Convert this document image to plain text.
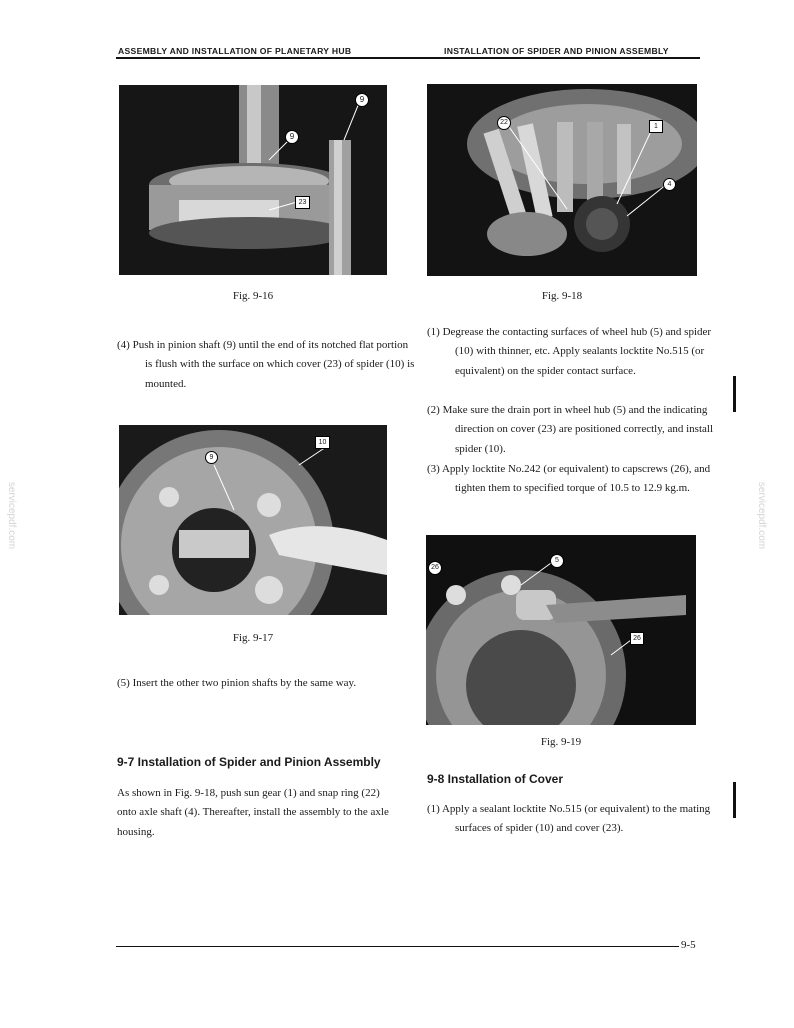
ASSEMBLY AND INSTALLATION OF PLANETARY HUB	INSTALLATION OF SPIDER AND PINION ASSEMBLY
servicepdf.com	servicepdf.com
9
9
23
Fig. 9-16
22
1
4
Fig. 9-18
(4) Push in pinion shaft (9) until the end of its notched flat portion is flush with the surface on which cover (23) of spider (10) is mounted.
(1) Degrease the contacting surfaces of wheel hub (5) and spider (10) with thinner, etc. Apply sealants locktite No.515 (or equivalent) on the spider contact surface.
(2) Make sure the drain port in wheel hub (5) and the indicating direction on cover (23) are positioned correctly, and install spider (10).
(3) Apply locktite No.242 (or equivalent) to capscrews (26), and tighten them to specified torque of 10.5 to 12.9 kg.m.
10
9
Fig. 9-17
(5) Insert the other two pinion shafts by the same way.
26
5
26
Fig. 9-19
9-7 Installation of Spider and Pinion Assembly
As shown in Fig. 9-18, push sun gear (1) and snap ring (22) onto axle shaft (4). Thereafter, install the assembly to the axle housing.
9-8 Installation of Cover
(1) Apply a sealant locktite No.515 (or equivalent) to the mating surfaces of spider (10) and cover (23).
9-5
